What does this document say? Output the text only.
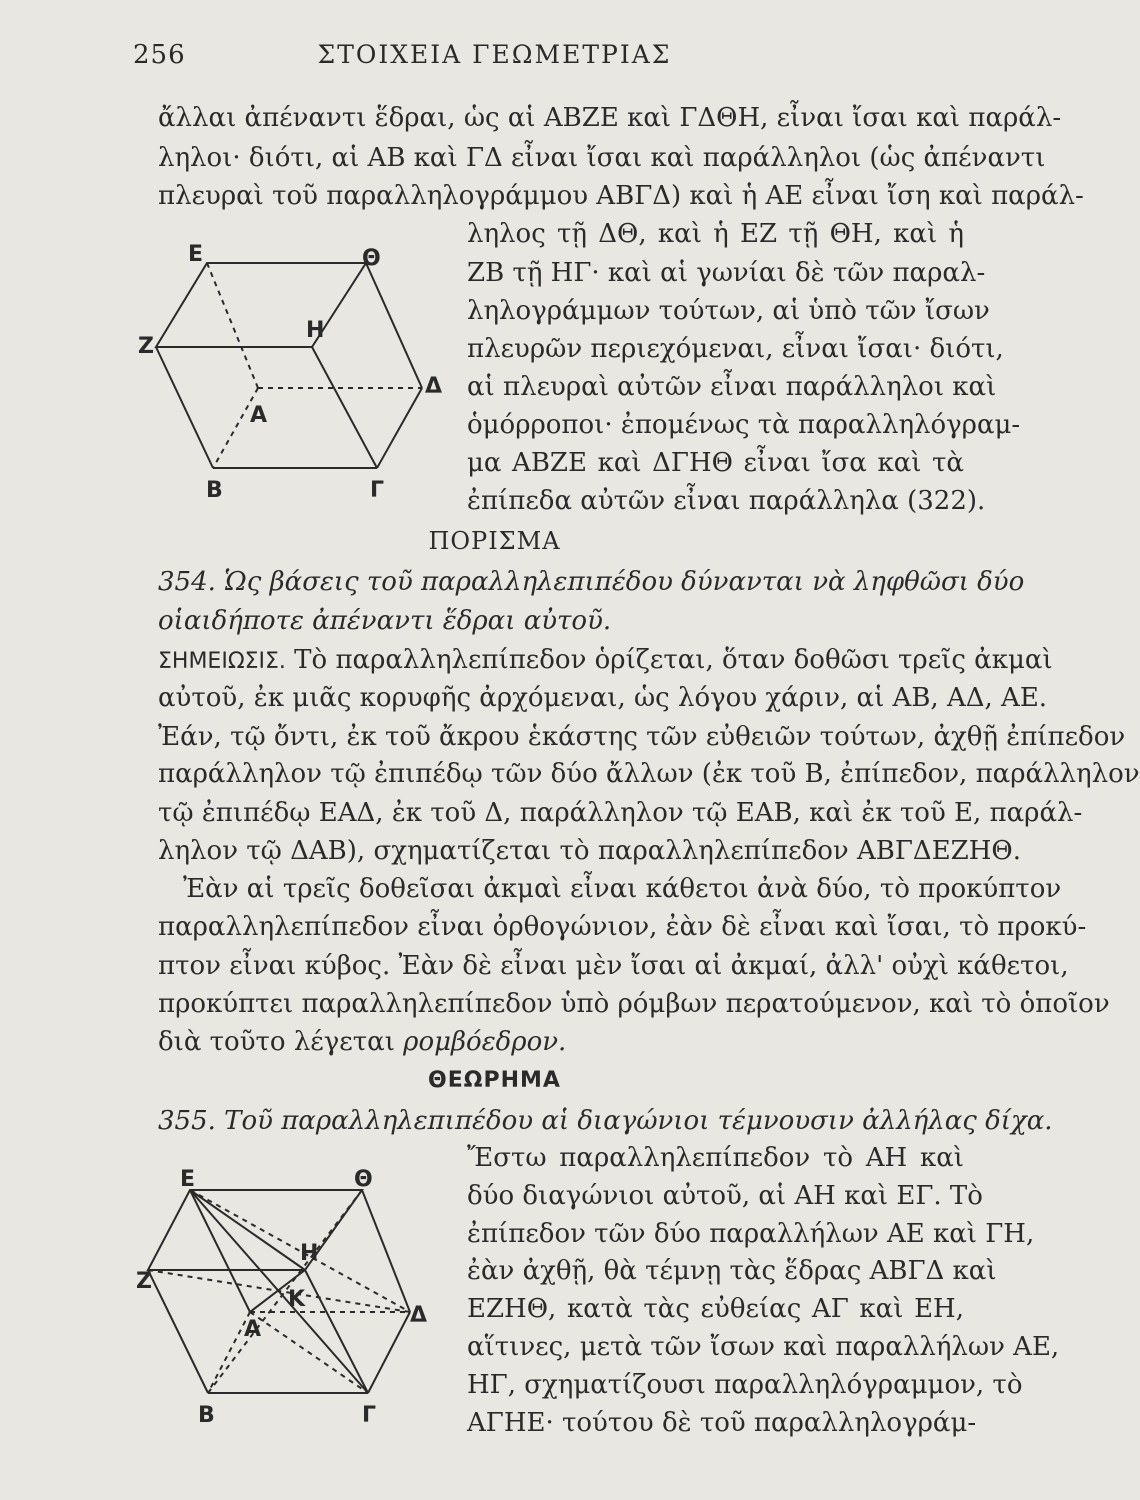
256	ΣΤΟΙΧΕΙΑ ΓΕΩΜΕΤΡΙΑΣ
ἄλλαι ἀπέναντι ἕδραι, ὡς αἱ ΑΒΖΕ καὶ ΓΔΘΗ, εἶναι ἴσαι καὶ παράλ-
ληλοι· διότι, αἱ ΑΒ καὶ ΓΔ εἶναι ἴσαι καὶ παράλληλοι (ὡς ἀπέναντι
πλευραὶ τοῦ παραλληλογράμμου ΑΒΓΔ) καὶ ἡ ΑΕ εἶναι ἴση καὶ παράλ-
ληλος τῇ ΔΘ, καὶ ἡ ΕΖ τῇ ΘΗ, καὶ ἡ
ΖΒ τῇ ΗΓ· καὶ αἱ γωνίαι δὲ τῶν παραλ-
ληλογράμμων τούτων, αἱ ὑπὸ τῶν ἴσων
πλευρῶν περιεχόμεναι, εἶναι ἴσαι· διότι,
αἱ πλευραὶ αὐτῶν εἶναι παράλληλοι καὶ
ὁμόρροποι· ἐπομένως τὰ παραλληλόγραμ-
μα ΑΒΖΕ καὶ ΔΓΗΘ εἶναι ἴσα καὶ τὰ
ἐπίπεδα αὐτῶν εἶναι παράλληλα (322).
E	Θ
Z
H
Δ
A
B	Γ
ΠΟΡΙΣΜΑ
354. Ὡς βάσεις τοῦ παραλληλεπιπέδου δύνανται νὰ ληφθῶσι δύο
οἱαιδήποτε ἀπέναντι ἕδραι αὐτοῦ.
ΣΗΜΕΙΩΣΙΣ. Τὸ παραλληλεπίπεδον ὁρίζεται, ὅταν δοθῶσι τρεῖς ἀκμαὶ
αὐτοῦ, ἐκ μιᾶς κορυφῆς ἀρχόμεναι, ὡς λόγου χάριν, αἱ ΑΒ, ΑΔ, ΑΕ.
Ἐάν, τῷ ὄντι, ἐκ τοῦ ἄκρου ἑκάστης τῶν εὐθειῶν τούτων, ἀχθῇ ἐπίπεδον
παράλληλον τῷ ἐπιπέδῳ τῶν δύο ἄλλων (ἐκ τοῦ Β, ἐπίπεδον, παράλληλον
τῷ ἐπιπέδῳ ΕΑΔ, ἐκ τοῦ Δ, παράλληλον τῷ ΕΑΒ, καὶ ἐκ τοῦ Ε, παράλ-
ληλον τῷ ΔΑΒ), σχηματίζεται τὸ παραλληλεπίπεδον ΑΒΓΔΕΖΗΘ.
Ἐὰν αἱ τρεῖς δοθεῖσαι ἀκμαὶ εἶναι κάθετοι ἀνὰ δύο, τὸ προκύπτον
παραλληλεπίπεδον εἶναι ὀρθογώνιον, ἐὰν δὲ εἶναι καὶ ἴσαι, τὸ προκύ-
πτον εἶναι κύβος. Ἐὰν δὲ εἶναι μὲν ἴσαι αἱ ἀκμαί, ἀλλ' οὐχὶ κάθετοι,
προκύπτει παραλληλεπίπεδον ὑπὸ ρόμβων περατούμενον, καὶ τὸ ὁποῖον
διὰ τοῦτο λέγεται ρομβόεδρον.
ΘΕΩΡΗΜΑ
355. Τοῦ παραλληλεπιπέδου αἱ διαγώνιοι τέμνουσιν ἀλλήλας δίχα.
Ἔστω παραλληλεπίπεδον τὸ ΑΗ καὶ
δύο διαγώνιοι αὐτοῦ, αἱ ΑΗ καὶ ΕΓ. Τὸ
ἐπίπεδον τῶν δύο παραλλήλων ΑΕ καὶ ΓΗ,
ἐὰν ἀχθῇ, θὰ τέμνῃ τὰς ἕδρας ΑΒΓΔ καὶ
ΕΖΗΘ, κατὰ τὰς εὐθείας ΑΓ καὶ ΕΗ,
αἵτινες, μετὰ τῶν ἴσων καὶ παραλλήλων ΑΕ,
ΗΓ, σχηματίζουσι παραλληλόγραμμον, τὸ
ΑΓΗΕ· τούτου δὲ τοῦ παραλληλογράμ-
E	Θ
H
Z
K
Δ
A
B	Γ
